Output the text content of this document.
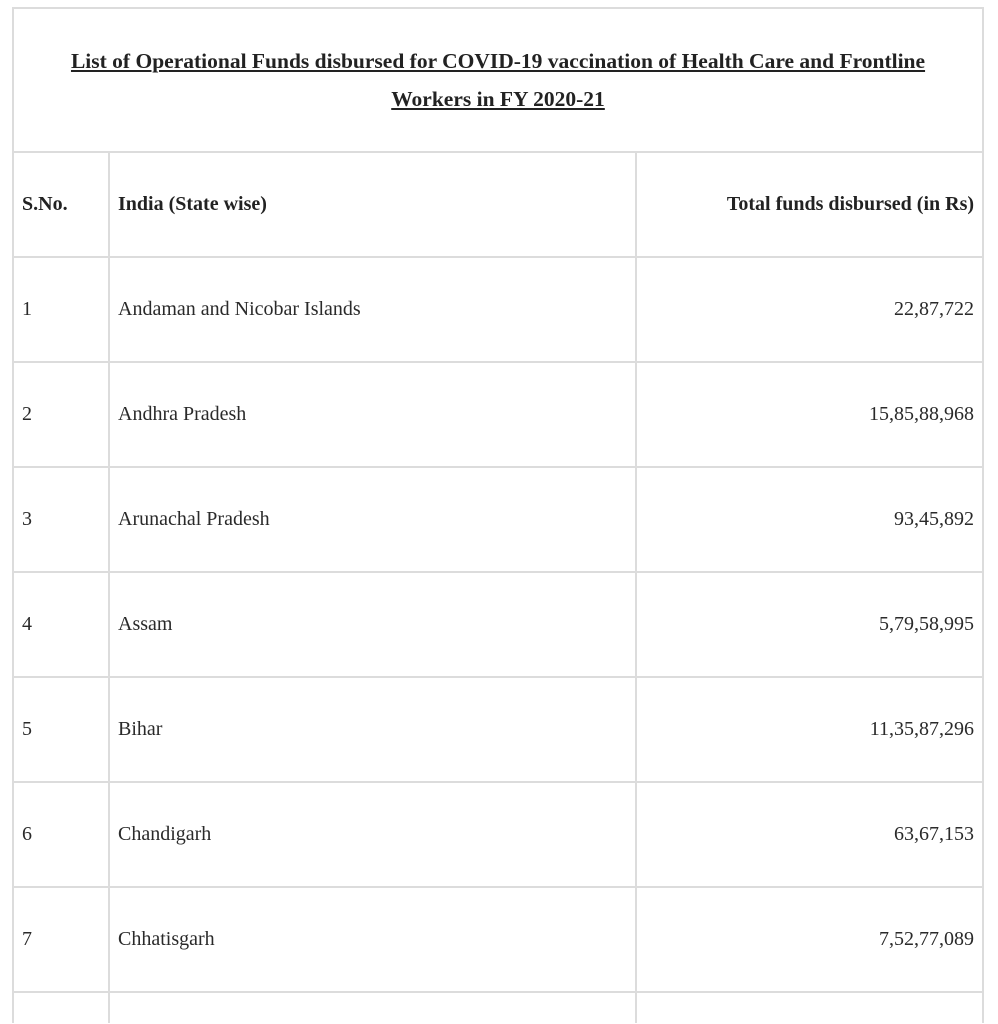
List of Operational Funds disbursed for COVID-19 vaccination of Health Care and Frontline
Workers in FY 2020-21		
S.No.	India (State wise)	Total funds disbursed (in Rs)
1	Andaman and Nicobar Islands	22,87,722
2	Andhra Pradesh	15,85,88,968
3	Arunachal Pradesh	93,45,892
4	Assam	5,79,58,995
5	Bihar	11,35,87,296
6	Chandigarh	63,67,153
7	Chhatisgarh	7,52,77,089
